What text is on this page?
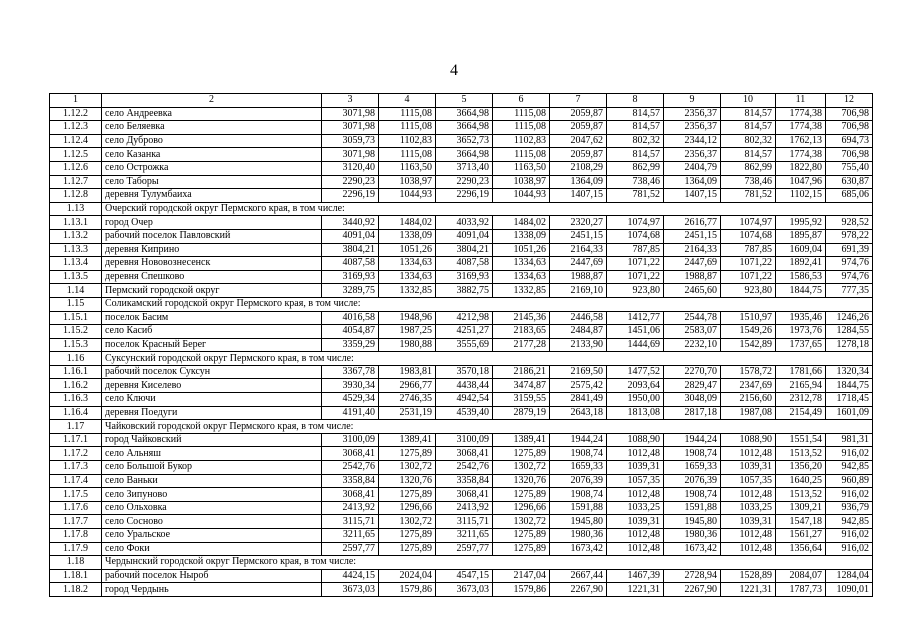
4
1	2	3	4	5	6	7	8	9	10	11	12
1.12.2	село Андреевка	3071,98	1115,08	3664,98	1115,08	2059,87	814,57	2356,37	814,57	1774,38	706,98
1.12.3	село Беляевка	3071,98	1115,08	3664,98	1115,08	2059,87	814,57	2356,37	814,57	1774,38	706,98
1.12.4	село Дуброво	3059,73	1102,83	3652,73	1102,83	2047,62	802,32	2344,12	802,32	1762,13	694,73
1.12.5	село Казанка	3071,98	1115,08	3664,98	1115,08	2059,87	814,57	2356,37	814,57	1774,38	706,98
1.12.6	село Острожка	3120,40	1163,50	3713,40	1163,50	2108,29	862,99	2404,79	862,99	1822,80	755,40
1.12.7	село Таборы	2290,23	1038,97	2290,23	1038,97	1364,09	738,46	1364,09	738,46	1047,96	630,87
1.12.8	деревня Тулумбаиха	2296,19	1044,93	2296,19	1044,93	1407,15	781,52	1407,15	781,52	1102,15	685,06
1.13	Очерский городской округ Пермского края, в том числе:										
1.13.1	город Очер	3440,92	1484,02	4033,92	1484,02	2320,27	1074,97	2616,77	1074,97	1995,92	928,52
1.13.2	рабочий поселок Павловский	4091,04	1338,09	4091,04	1338,09	2451,15	1074,68	2451,15	1074,68	1895,87	978,22
1.13.3	деревня Киприно	3804,21	1051,26	3804,21	1051,26	2164,33	787,85	2164,33	787,85	1609,04	691,39
1.13.4	деревня Нововознесенск	4087,58	1334,63	4087,58	1334,63	2447,69	1071,22	2447,69	1071,22	1892,41	974,76
1.13.5	деревня Спешково	3169,93	1334,63	3169,93	1334,63	1988,87	1071,22	1988,87	1071,22	1586,53	974,76
1.14	Пермский городской округ	3289,75	1332,85	3882,75	1332,85	2169,10	923,80	2465,60	923,80	1844,75	777,35
1.15	Соликамский городской округ Пермского края, в том числе:										
1.15.1	поселок Басим	4016,58	1948,96	4212,98	2145,36	2446,58	1412,77	2544,78	1510,97	1935,46	1246,26
1.15.2	село Касиб	4054,87	1987,25	4251,27	2183,65	2484,87	1451,06	2583,07	1549,26	1973,76	1284,55
1.15.3	поселок Красный Берег	3359,29	1980,88	3555,69	2177,28	2133,90	1444,69	2232,10	1542,89	1737,65	1278,18
1.16	Суксунский городской округ Пермского края, в том числе:										
1.16.1	рабочий поселок Суксун	3367,78	1983,81	3570,18	2186,21	2169,50	1477,52	2270,70	1578,72	1781,66	1320,34
1.16.2	деревня Киселево	3930,34	2966,77	4438,44	3474,87	2575,42	2093,64	2829,47	2347,69	2165,94	1844,75
1.16.3	село Ключи	4529,34	2746,35	4942,54	3159,55	2841,49	1950,00	3048,09	2156,60	2312,78	1718,45
1.16.4	деревня Поедуги	4191,40	2531,19	4539,40	2879,19	2643,18	1813,08	2817,18	1987,08	2154,49	1601,09
1.17	Чайковский городской округ Пермского края, в том числе:										
1.17.1	город Чайковский	3100,09	1389,41	3100,09	1389,41	1944,24	1088,90	1944,24	1088,90	1551,54	981,31
1.17.2	село Альняш	3068,41	1275,89	3068,41	1275,89	1908,74	1012,48	1908,74	1012,48	1513,52	916,02
1.17.3	село Большой Букор	2542,76	1302,72	2542,76	1302,72	1659,33	1039,31	1659,33	1039,31	1356,20	942,85
1.17.4	село Ваньки	3358,84	1320,76	3358,84	1320,76	2076,39	1057,35	2076,39	1057,35	1640,25	960,89
1.17.5	село Зипуново	3068,41	1275,89	3068,41	1275,89	1908,74	1012,48	1908,74	1012,48	1513,52	916,02
1.17.6	село Ольховка	2413,92	1296,66	2413,92	1296,66	1591,88	1033,25	1591,88	1033,25	1309,21	936,79
1.17.7	село Сосново	3115,71	1302,72	3115,71	1302,72	1945,80	1039,31	1945,80	1039,31	1547,18	942,85
1.17.8	село Уральское	3211,65	1275,89	3211,65	1275,89	1980,36	1012,48	1980,36	1012,48	1561,27	916,02
1.17.9	село Фоки	2597,77	1275,89	2597,77	1275,89	1673,42	1012,48	1673,42	1012,48	1356,64	916,02
1.18	Чердынский городской округ Пермского края, в том числе:										
1.18.1	рабочий поселок Ныроб	4424,15	2024,04	4547,15	2147,04	2667,44	1467,39	2728,94	1528,89	2084,07	1284,04
1.18.2	город Чердынь	3673,03	1579,86	3673,03	1579,86	2267,90	1221,31	2267,90	1221,31	1787,73	1090,01
